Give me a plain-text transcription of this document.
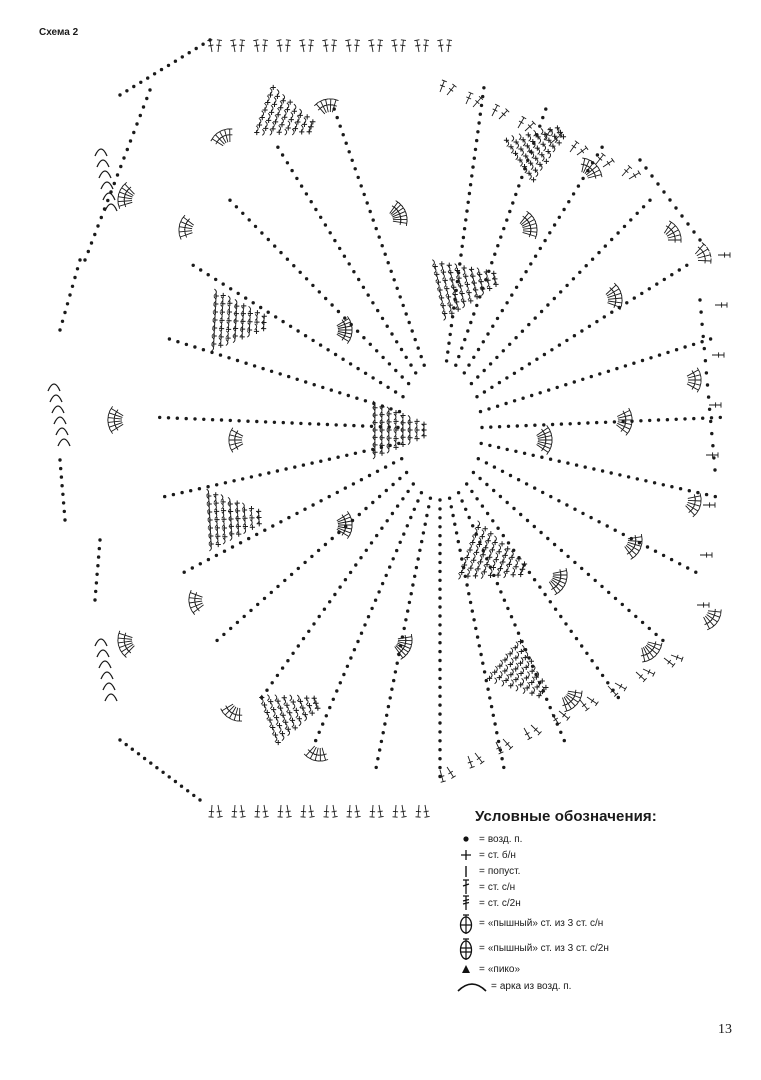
Схема 2
Условные обозначения:
= возд. п.
= ст. б/н
= попуст.
= ст. с/н
= ст. с/2н
= «пышный» ст. из 3 ст. с/н
= «пышный» ст. из 3 ст. с/2н
= «пико»
= арка из возд. п.
13
